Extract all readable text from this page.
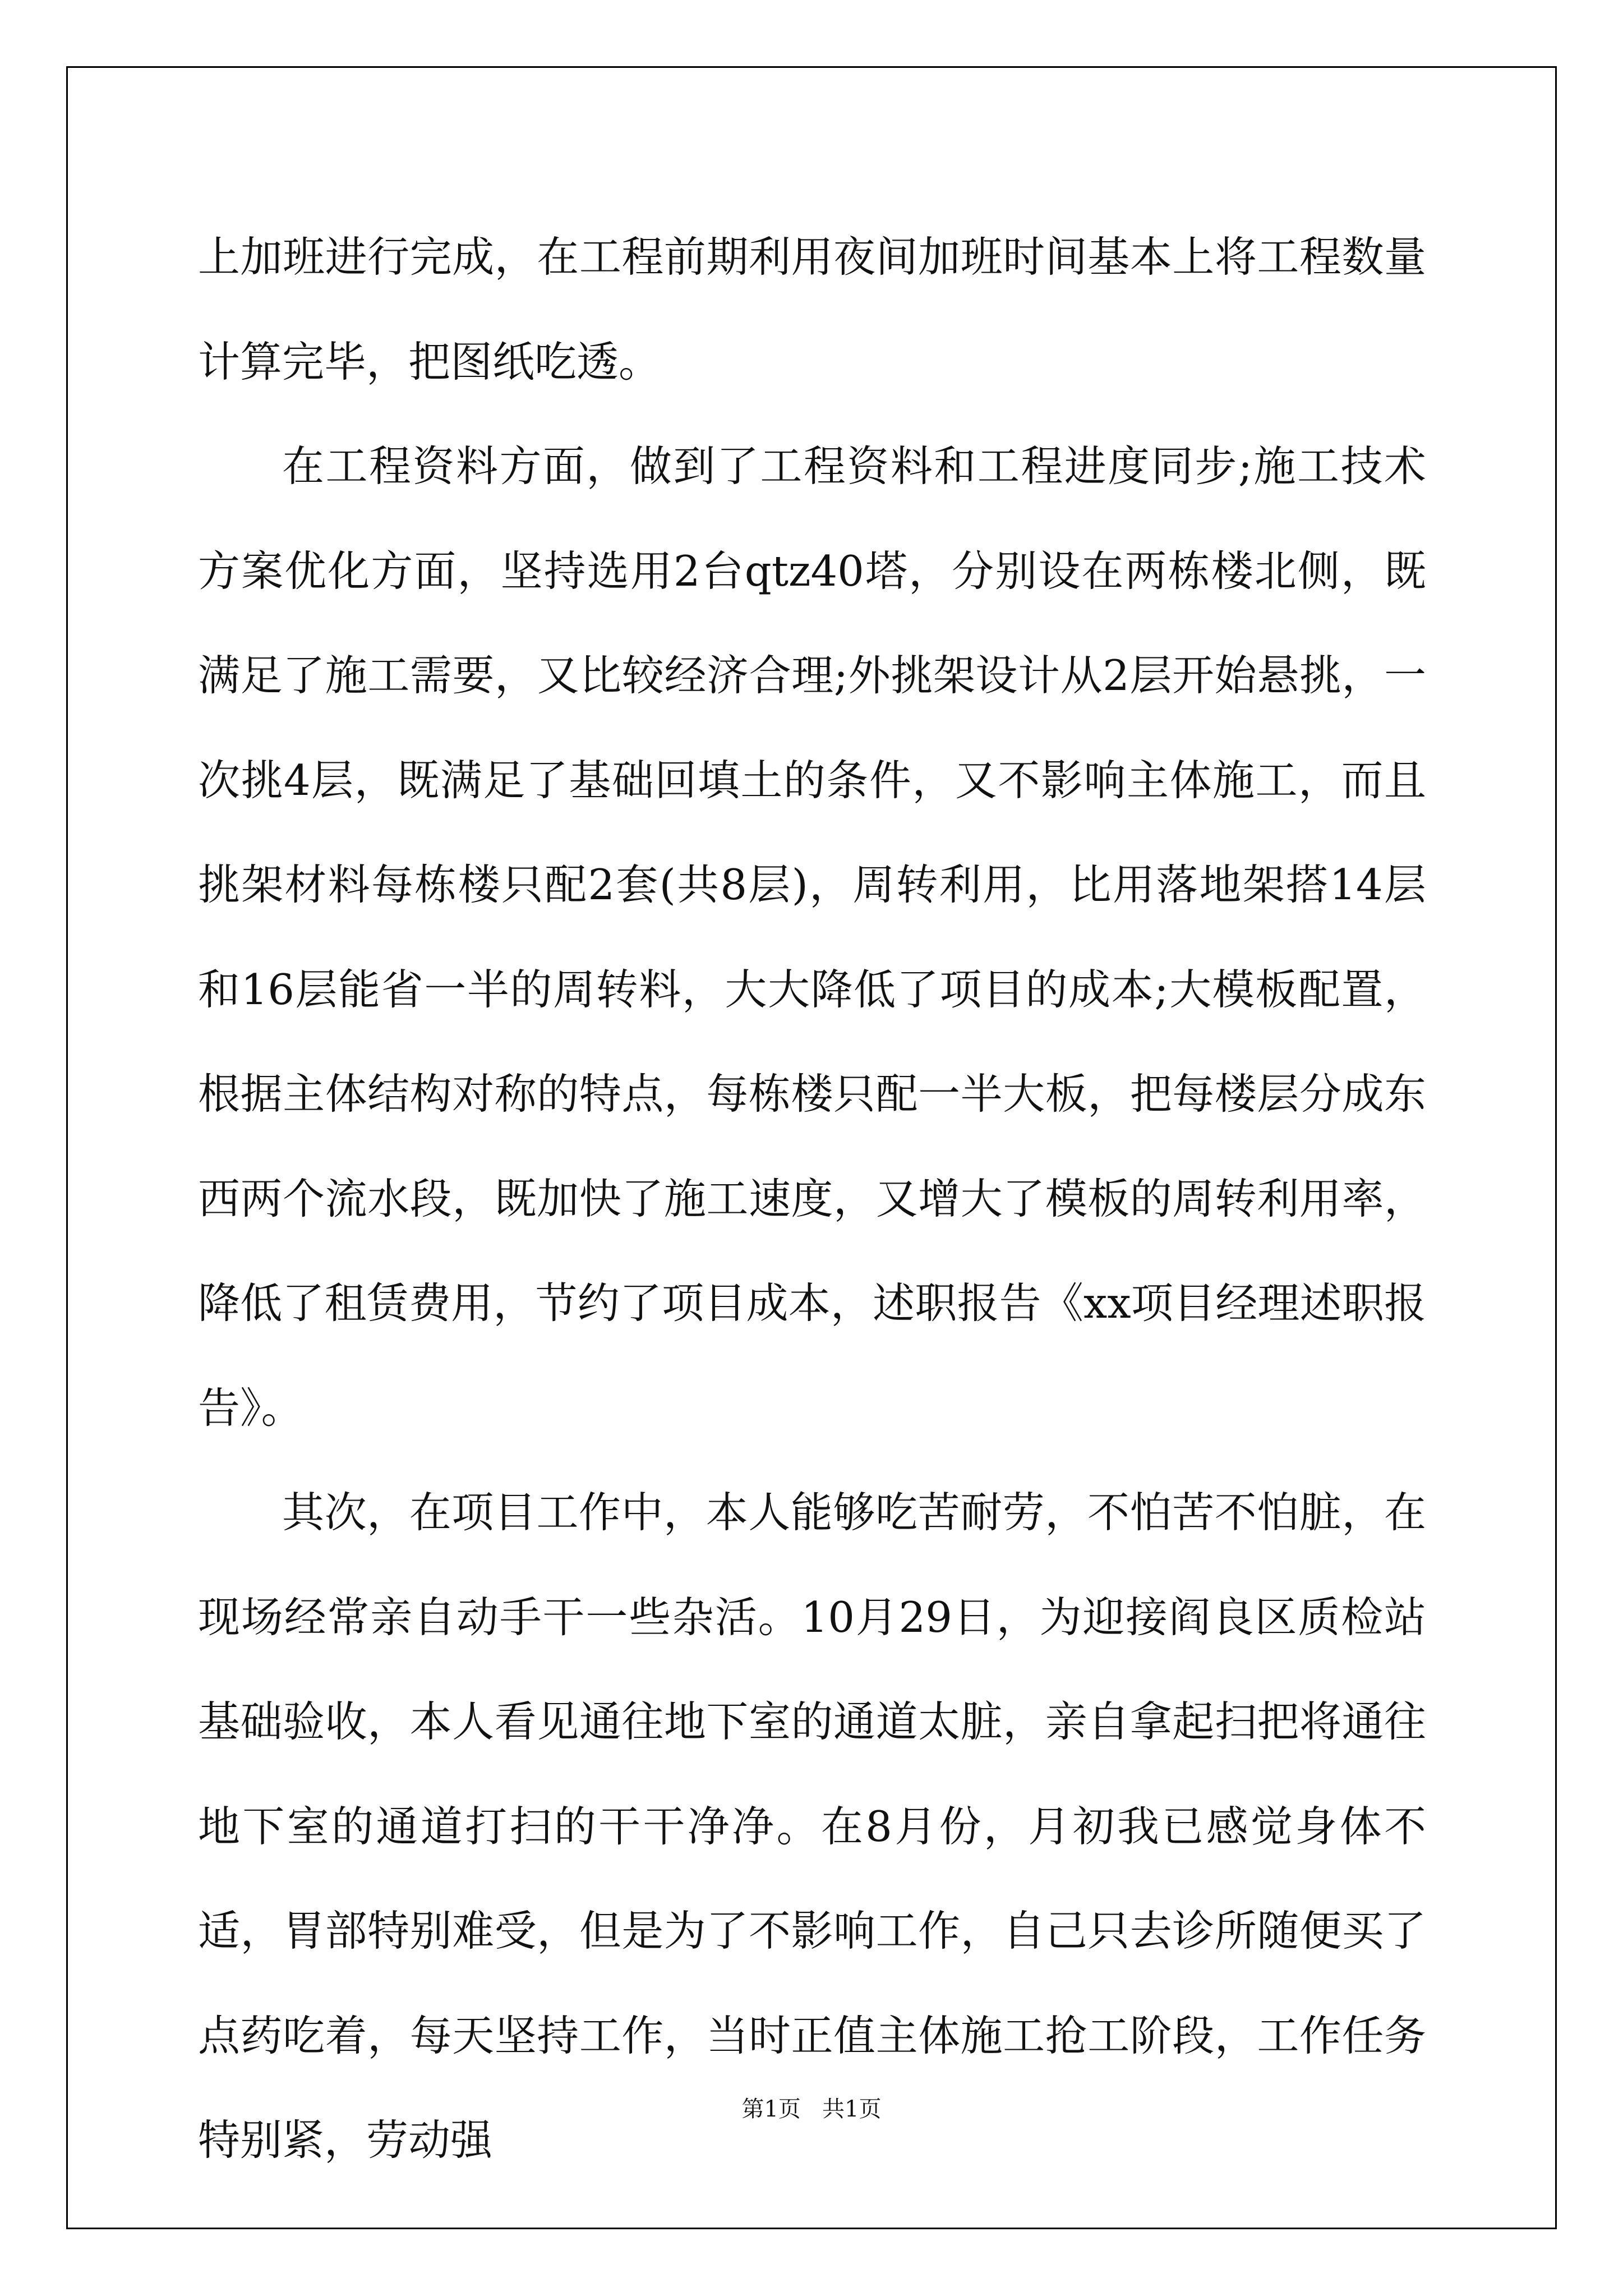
上加班进行完成，在工程前期利用夜间加班时间基本上将工程数量计算完毕，把图纸吃透。

在工程资料方面，做到了工程资料和工程进度同步;施工技术方案优化方面，坚持选用2台qtz40塔，分别设在两栋楼北侧，既满足了施工需要，又比较经济合理;外挑架设计从2层开始悬挑，一次挑4层，既满足了基础回填土的条件，又不影响主体施工，而且挑架材料每栋楼只配2套(共8层)，周转利用，比用落地架搭14层和16层能省一半的周转料，大大降低了项目的成本;大模板配置，根据主体结构对称的特点，每栋楼只配一半大板，把每楼层分成东西两个流水段，既加快了施工速度，又增大了模板的周转利用率，降低了租赁费用，节约了项目成本，述职报告《xx项目经理述职报告》。

其次，在项目工作中，本人能够吃苦耐劳，不怕苦不怕脏，在现场经常亲自动手干一些杂活。10月29日，为迎接阎良区质检站基础验收，本人看见通往地下室的通道太脏，亲自拿起扫把将通往地下室的通道打扫的干干净净。在8月份，月初我已感觉身体不适，胃部特别难受，但是为了不影响工作，自己只去诊所随便买了点药吃着，每天坚持工作，当时正值主体施工抢工阶段，工作任务特别紧，劳动强

第1页   共1页
